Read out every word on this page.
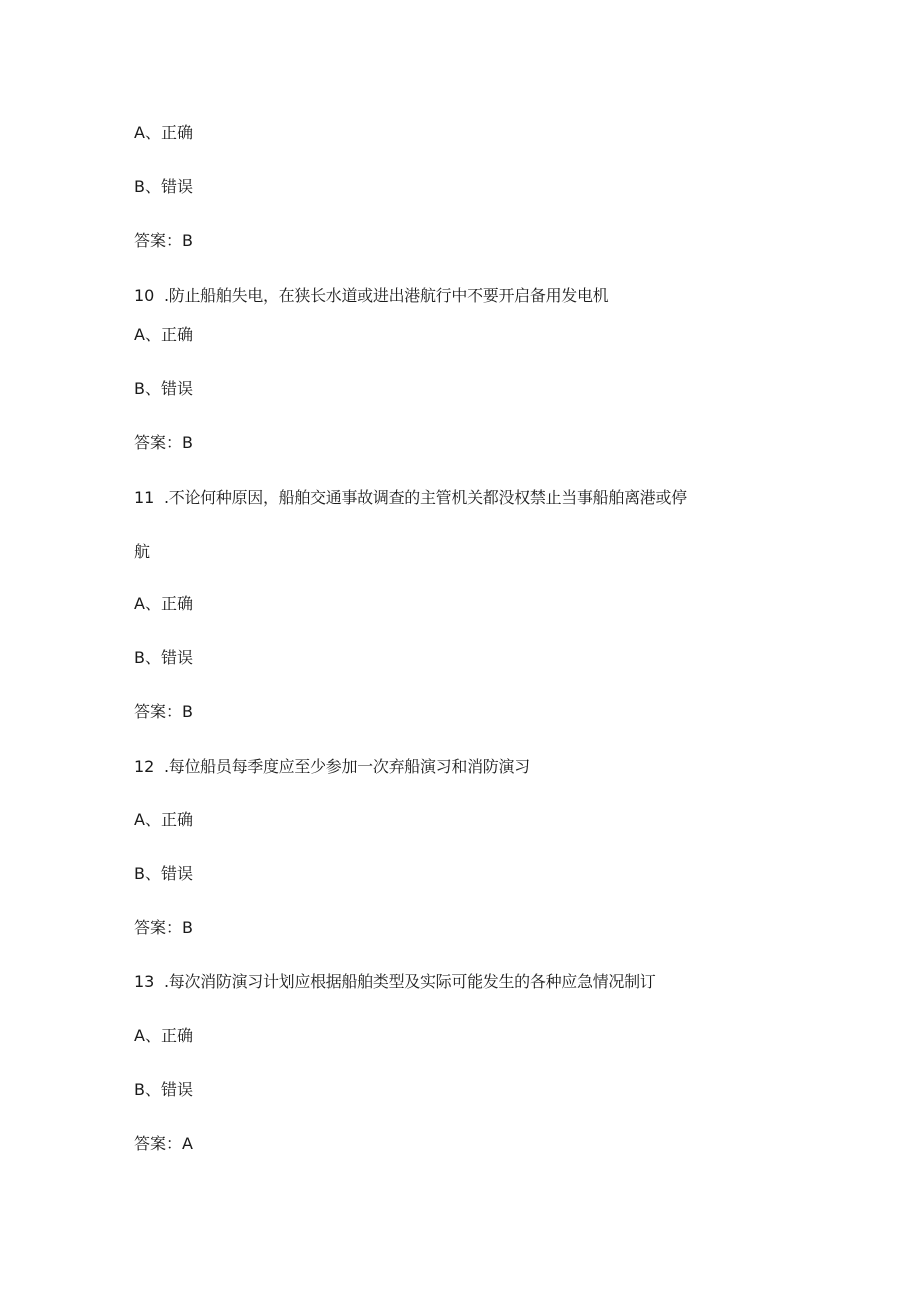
A、正确
B、错误
答案：B
10 .防止船舶失电，在狭长水道或进出港航行中不要开启备用发电机
A、正确
B、错误
答案：B
11 .不论何种原因，船舶交通事故调查的主管机关都没权禁止当事船舶离港或停
航
A、正确
B、错误
答案：B
12 .每位船员每季度应至少参加一次弃船演习和消防演习
A、正确
B、错误
答案：B
13 .每次消防演习计划应根据船舶类型及实际可能发生的各种应急情况制订
A、正确
B、错误
答案：A
